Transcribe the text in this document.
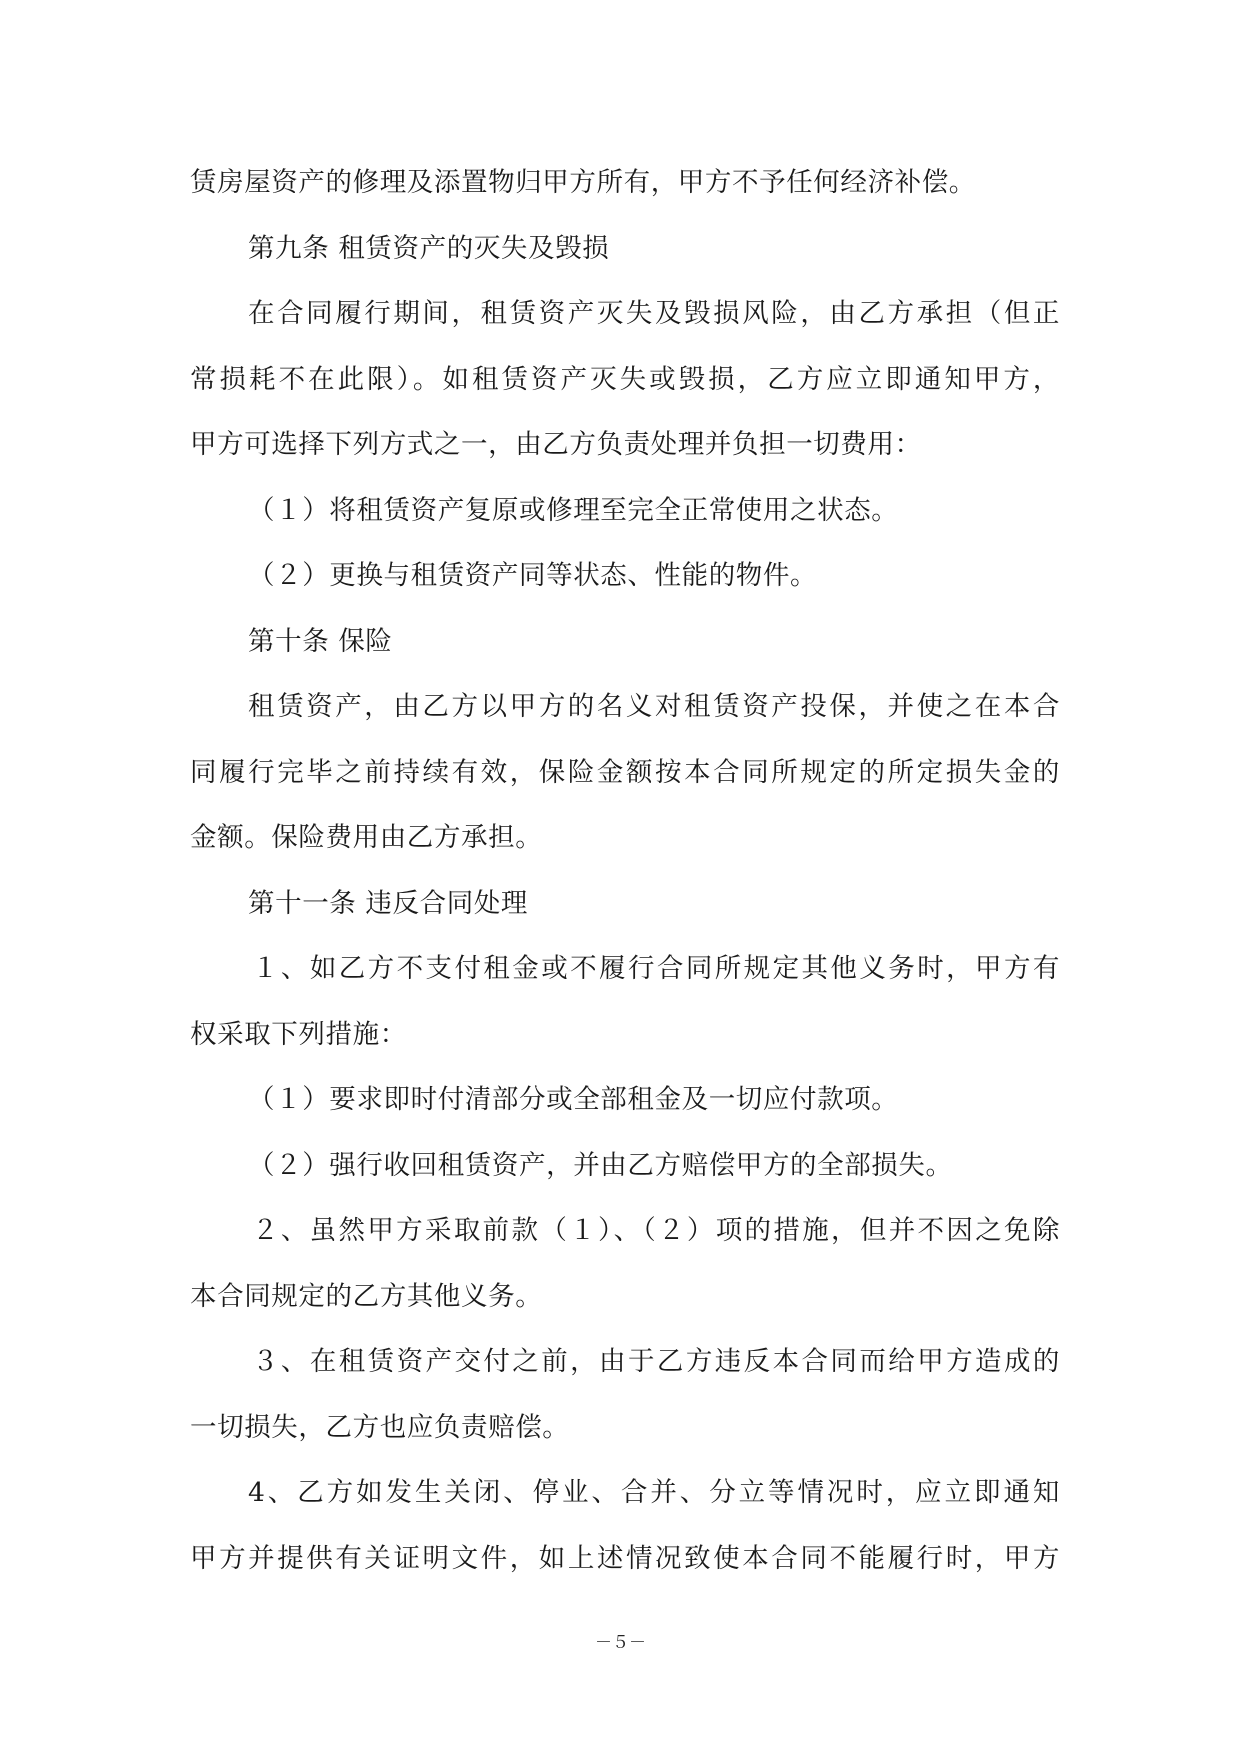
赁房屋资产的修理及添置物归甲方所有，甲方不予任何经济补偿。
第九条 租赁资产的灭失及毁损
在合同履行期间，租赁资产灭失及毁损风险，由乙方承担（但正
常损耗不在此限）。如租赁资产灭失或毁损，乙方应立即通知甲方，
甲方可选择下列方式之一，由乙方负责处理并负担一切费用：
（１）将租赁资产复原或修理至完全正常使用之状态。
（２）更换与租赁资产同等状态、性能的物件。
第十条 保险
租赁资产，由乙方以甲方的名义对租赁资产投保，并使之在本合
同履行完毕之前持续有效，保险金额按本合同所规定的所定损失金的
金额。保险费用由乙方承担。
第十一条 违反合同处理
１、如乙方不支付租金或不履行合同所规定其他义务时，甲方有
权采取下列措施：
（１）要求即时付清部分或全部租金及一切应付款项。
（２）强行收回租赁资产，并由乙方赔偿甲方的全部损失。
２、虽然甲方采取前款（１）、（２）项的措施，但并不因之免除
本合同规定的乙方其他义务。
３、在租赁资产交付之前，由于乙方违反本合同而给甲方造成的
一切损失，乙方也应负责赔偿。
4、乙方如发生关闭、停业、合并、分立等情况时，应立即通知
甲方并提供有关证明文件，如上述情况致使本合同不能履行时，甲方
－５－
